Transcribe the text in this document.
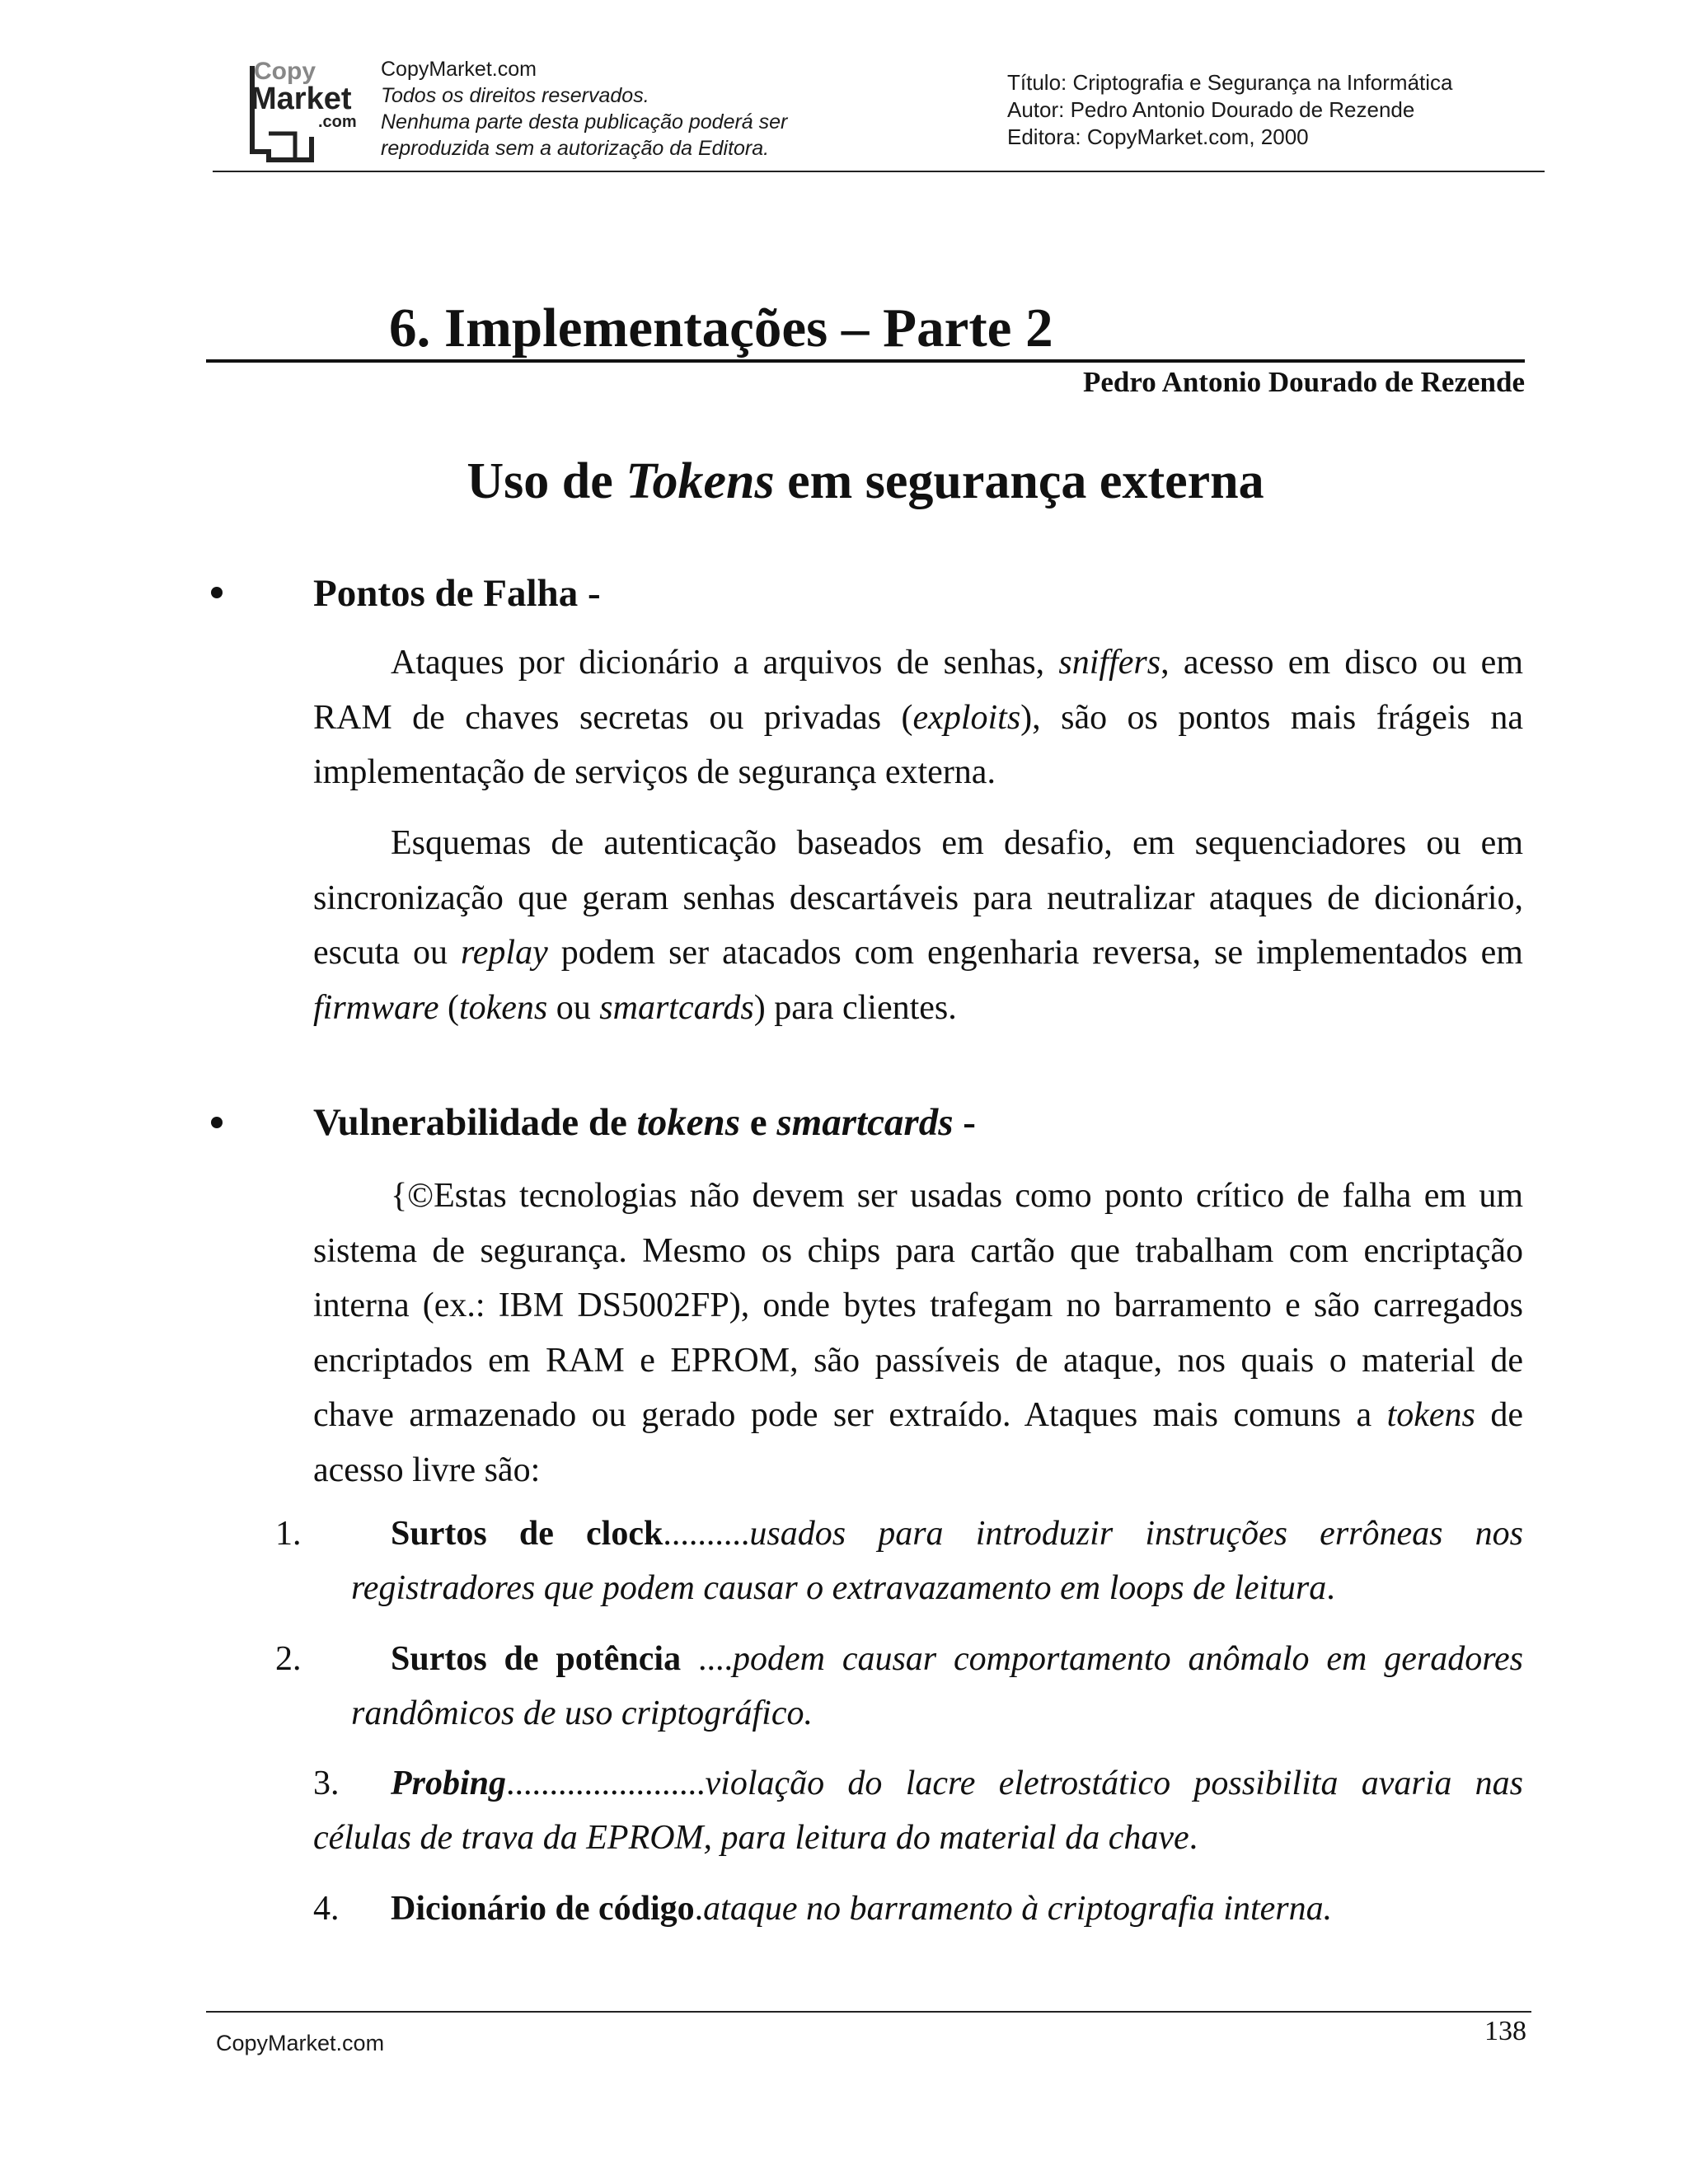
Copy
Market
.com
CopyMarket.com
Todos os direitos reservados.
Nenhuma parte desta publicação poderá ser
reproduzida sem a autorização da Editora.
Título: Criptografia e Segurança na Informática
Autor: Pedro Antonio Dourado de Rezende
Editora: CopyMarket.com, 2000
6. Implementações – Parte 2
Pedro Antonio Dourado de Rezende
Uso de Tokens em segurança externa
Pontos de Falha -

Ataques por dicionário a arquivos de senhas, sniffers, acesso em disco ou em RAM de chaves secretas ou privadas (exploits), são os pontos mais frágeis na implementação de serviços de segurança externa.

Esquemas de autenticação baseados em desafio, em sequenciadores ou em sincronização que geram senhas descartáveis para neutralizar ataques de dicionário, escuta ou replay podem ser atacados com engenharia reversa, se implementados em firmware (tokens ou smartcards) para clientes.

Vulnerabilidade de tokens e smartcards -

{©Estas tecnologias não devem ser usadas como ponto crítico de falha em um sistema de segurança. Mesmo os chips para cartão que trabalham com encriptação interna (ex.: IBM DS5002FP), onde bytes trafegam no barramento e são carregados encriptados em RAM e EPROM, são passíveis de ataque, nos quais o material de chave armazenado ou gerado pode ser extraído. Ataques mais comuns a tokens de acesso livre são:

1.	Surtos de clock..........usados para introduzir instruções errôneas nos registradores que podem causar o extravazamento em loops de leitura.

2.	Surtos de potência ....podem causar comportamento anômalo em geradores randômicos de uso criptográfico.

3. Probing.......................violação do lacre eletrostático possibilita avaria nas células de trava da EPROM, para leitura do material da chave.

4. Dicionário de código.ataque no barramento à criptografia interna.

138
CopyMarket.com
